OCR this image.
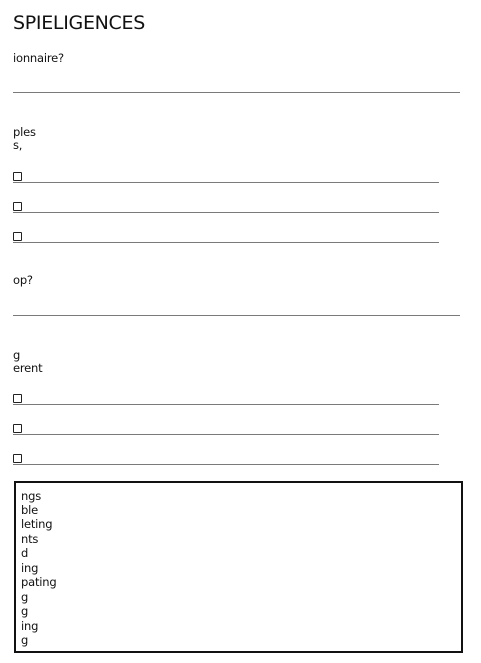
SPIELIGENCES
ionnaire?
ples
s,
op?
g
erent
ngs
ble
leting
nts
d
ing
pating
g
g
ing
g
